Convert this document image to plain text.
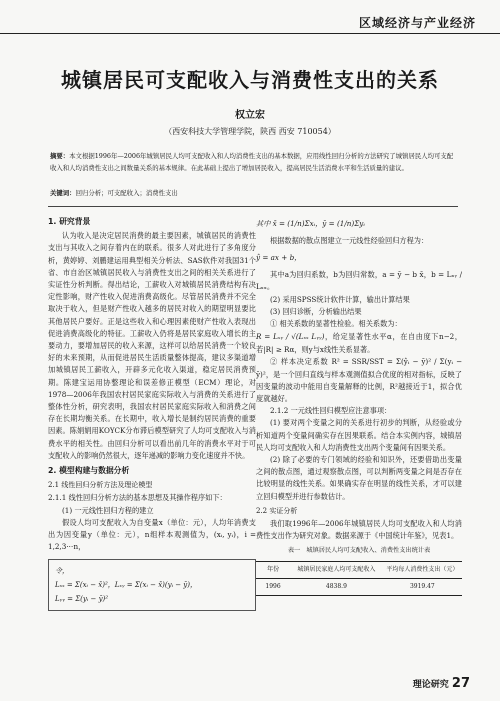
区域经济与产业经济
城镇居民可支配收入与消费性支出的关系
权立宏
（西安科技大学管理学院，陕西 西安 710054）
摘要：本文根据1996年—2006年城镇居民人均可支配收入和人均消费性支出的基本数据，应用线性回归分析的方法研究了城镇居民人均可支配收入和人均消费性支出之间数量关系的基本规律。在此基础上提出了增加居民收入，提高居民生活消费水平和生活质量的建议。
关键词：回归分析；可支配收入；消费性支出
1. 研究背景

认为收入是决定居民消费的最主要因素，城镇居民的消费性支出与其收入之间存着内在的联系。很多人对此进行了多角度分析，黄婷婷、刘鹏建运用典型相关分析法、SAS软件对我国31个省、市自治区城镇居民收入与消费性支出之间的相关关系进行了实证性分析判断。得出结论，工薪收入对城镇居民消费结构有决定性影响，财产性收入促进消费高级化。尽管居民消费并不完全取决于收入，但是财产性收入越多的居民对收入的期望明显要比其他居民户要好。正是这些收入和心理因素使财产性收入表现出促进消费高级化的特征。工薪收入仍将是居民家庭收入增长的主要动力，要增加居民的收入来源，这样可以给居民消费一个较良好的未来预期，从而促进居民生活质量整体提高，建议多渠道增加城镇居民工薪收入，开辟多元化收入渠道，稳定居民消费预期。陈建宝运用协整理论和误差修正模型（ECM）理论，对1978—2006年我国农村居民家庭实际收入与消费的关系进行了整体性分析，研究表明，我国农村居民家庭实际收入和消费之间存在长期均衡关系。在长期中，收入增长是制约居民消费的重要因素。陈娟娟用KOYCK分布滞后模型研究了人均可支配收入与消费水平的相关性。由回归分析可以看出前几年的消费水平对于可支配收入的影响仍然很大，逐年递减的影响力变化速度并不快。

2. 模型构建与数据分析
2.1 线性回归分析方法及理论模型

2.1.1 线性回归分析方法的基本思想及其操作程序如下：

(1) 一元线性回归方程的建立

假设人均可支配收入为自变量x（单位：元），人均年消费支出为因变量y（单位：元），n组样本观测值为，(xᵢ, yᵢ)，i = 1,2,3⋯n，

令，
Lₓₓ = Σ(xᵢ − x̄)²，Lₓᵧ = Σ(xᵢ − x̄)(yᵢ − ȳ)，
Lᵧᵧ = Σ(yᵢ − ȳ)²
其中 x̄ = (1/n)Σxᵢ，ȳ = (1/n)Σyᵢ

根据数据的散点图建立一元线性经验回归方程为：

ŷ = ax + b，

其中a为回归系数，b为回归常数，a = ȳ − b x̄，b = Lₓᵧ / Lₓₓ。

(2) 采用SPSS统计软件计算，输出计算结果

(3) 回归诊断，分析输出结果

① 相关系数的显著性检验。相关系数为：

R = Lₓᵧ / √(Lₓₓ Lᵧᵧ)，给定显著性水平α，在自由度下n−2，若|R| ≥ Rα，则y与x线性关系显著。

② 样本决定系数 R² = SSR/SST = Σ(ŷᵢ − ȳ)² / Σ(yᵢ − ȳ)²，是一个回归直线与样本观测值拟合优度的相对指标，反映了因变量的波动中能用自变量解释的比例，R²越接近于1，拟合优度就越好。

2.1.2 一元线性回归模型应注意事项：

(1) 要对两个变量之间的关系进行初步的判断，从经验或分析知道两个变量间确实存在因果联系。结合本实例内容，城镇居民人均可支配收入和人均消费性支出两个变量间有因果关系。

(2) 除了必要的专门领域的经验和知识外，还要借助出变量之间的散点图，通过观察散点图，可以判断两变量之间是否存在比较明显的线性关系。如果确实存在明显的线性关系，才可以建立回归模型并进行参数估计。

2.2 实证分析

我们取1996年—2006年城镇居民人均可支配收入和人均消费性支出作为研究对象。数据来源于《中国统计年鉴》，见表1。

表一　城镇居民人均可支配收入、消费性支出统计表
年份	城镇居民家庭人均可支配收入	平均每人消费性支出（元）
1996	4838.9	3919.47
理论研究 27
